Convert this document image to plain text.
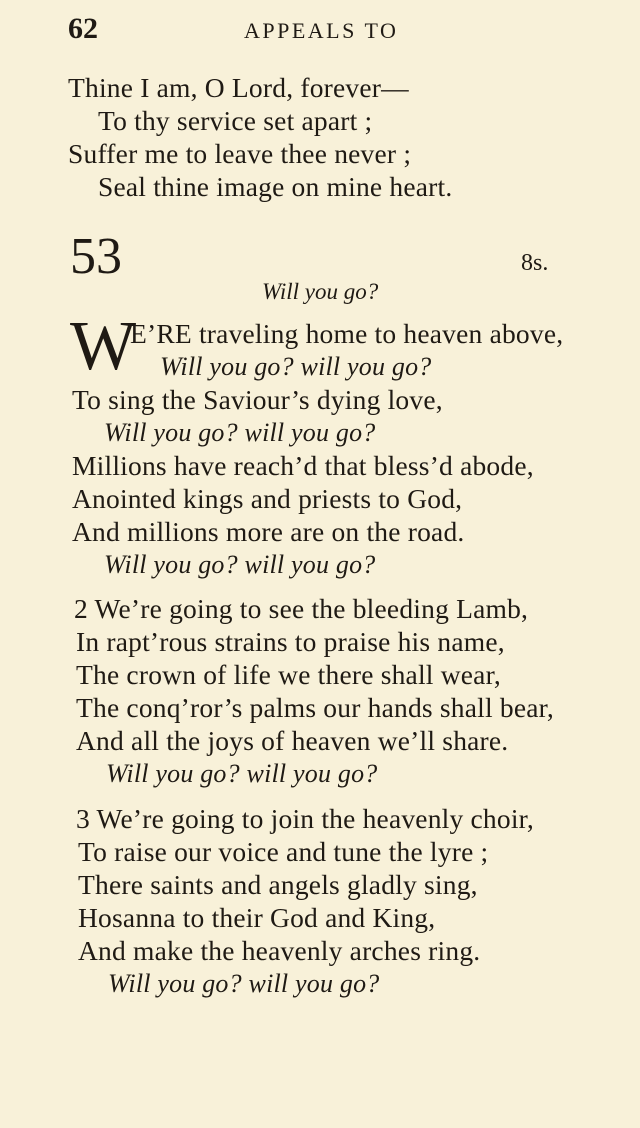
62	APPEALS TO
Thine I am, O Lord, forever—
To thy service set apart ;
Suffer me to leave thee never ;
Seal thine image on mine heart.
53	8s.
Will you go?
W
E’RE traveling home to heaven above,
Will you go? will you go?
To sing the Saviour’s dying love,
Will you go? will you go?
Millions have reach’d that bless’d abode,
Anointed kings and priests to God,
And millions more are on the road.
Will you go? will you go?
2 We’re going to see the bleeding Lamb,
In rapt’rous strains to praise his name,
The crown of life we there shall wear,
The conq’ror’s palms our hands shall bear,
And all the joys of heaven we’ll share.
Will you go? will you go?
3 We’re going to join the heavenly choir,
To raise our voice and tune the lyre ;
There saints and angels gladly sing,
Hosanna to their God and King,
And make the heavenly arches ring.
Will you go? will you go?
